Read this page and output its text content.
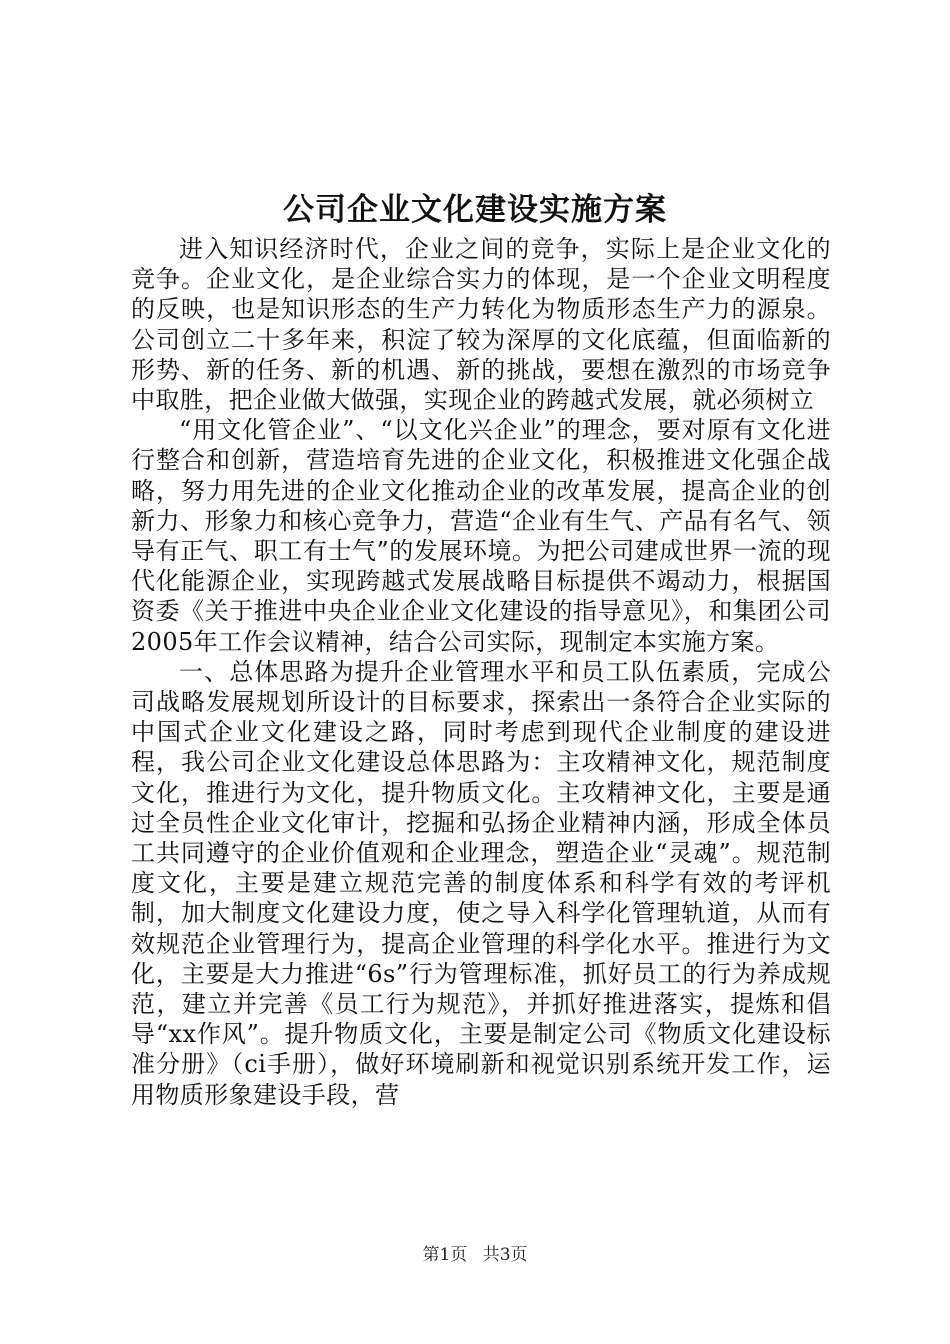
公司企业文化建设实施方案

进入知识经济时代，企业之间的竞争，实际上是企业文化的竞争。企业文化，是企业综合实力的体现，是一个企业文明程度的反映，也是知识形态的生产力转化为物质形态生产力的源泉。公司创立二十多年来，积淀了较为深厚的文化底蕴，但面临新的形势、新的任务、新的机遇、新的挑战，要想在激烈的市场竞争中取胜，把企业做大做强，实现企业的跨越式发展，就必须树立

“用文化管企业”、“以文化兴企业”的理念，要对原有文化进行整合和创新，营造培育先进的企业文化，积极推进文化强企战略，努力用先进的企业文化推动企业的改革发展，提高企业的创新力、形象力和核心竞争力，营造“企业有生气、产品有名气、领导有正气、职工有士气”的发展环境。为把公司建成世界一流的现代化能源企业，实现跨越式发展战略目标提供不竭动力，根据国资委《关于推进中央企业企业文化建设的指导意见》，和集团公司2005年工作会议精神，结合公司实际，现制定本实施方案。

一、总体思路为提升企业管理水平和员工队伍素质，完成公司战略发展规划所设计的目标要求，探索出一条符合企业实际的中国式企业文化建设之路，同时考虑到现代企业制度的建设进程，我公司企业文化建设总体思路为：主攻精神文化，规范制度文化，推进行为文化，提升物质文化。主攻精神文化，主要是通过全员性企业文化审计，挖掘和弘扬企业精神内涵，形成全体员工共同遵守的企业价值观和企业理念，塑造企业“灵魂”。规范制度文化，主要是建立规范完善的制度体系和科学有效的考评机制，加大制度文化建设力度，使之导入科学化管理轨道，从而有效规范企业管理行为，提高企业管理的科学化水平。推进行为文化，主要是大力推进“6s”行为管理标准，抓好员工的行为养成规范，建立并完善《员工行为规范》，并抓好推进落实，提炼和倡导“xx作风”。提升物质文化，主要是制定公司《物质文化建设标准分册》（ci手册），做好环境刷新和视觉识别系统开发工作，运用物质形象建设手段，营

第1页 共3页
